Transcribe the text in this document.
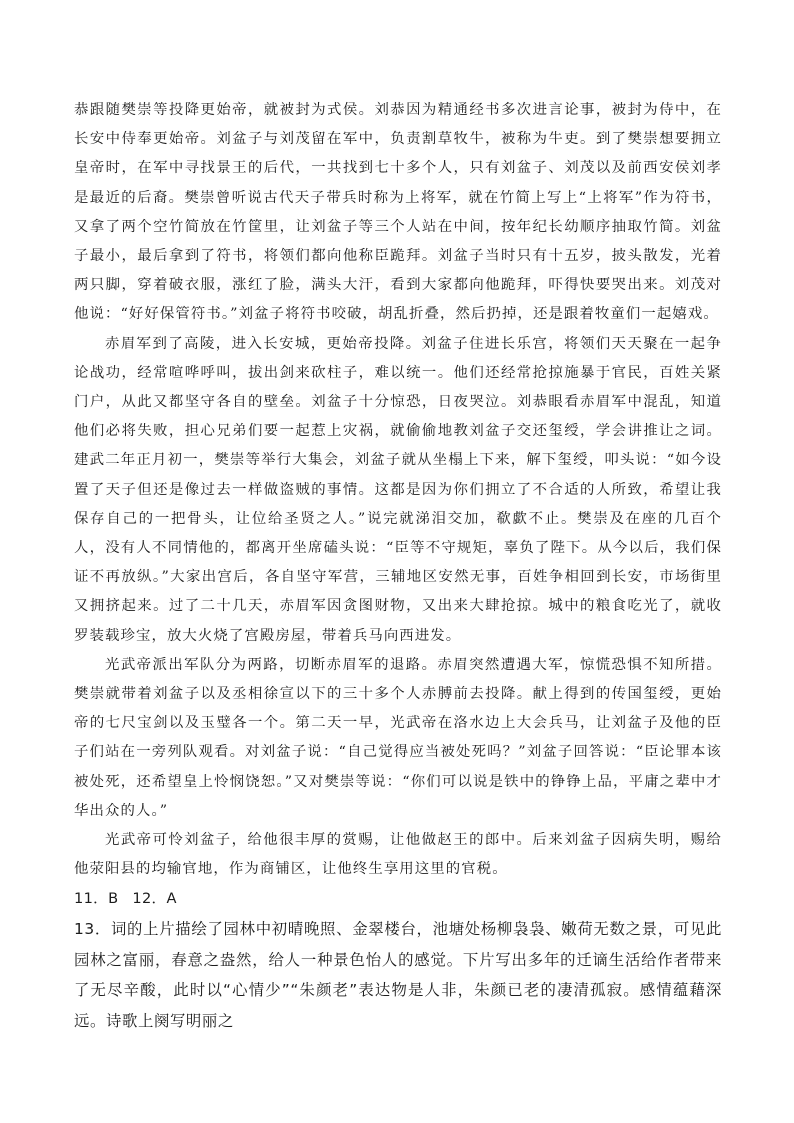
恭跟随樊崇等投降更始帝，就被封为式侯。刘恭因为精通经书多次进言论事，被封为侍中，在长安中侍奉更始帝。刘盆子与刘茂留在军中，负责割草牧牛，被称为牛吏。到了樊崇想要拥立皇帝时，在军中寻找景王的后代，一共找到七十多个人，只有刘盆子、刘茂以及前西安侯刘孝是最近的后裔。樊崇曾听说古代天子带兵时称为上将军，就在竹简上写上“上将军”作为符书，又拿了两个空竹简放在竹筐里，让刘盆子等三个人站在中间，按年纪长幼顺序抽取竹简。刘盆子最小，最后拿到了符书，将领们都向他称臣跪拜。刘盆子当时只有十五岁，披头散发，光着两只脚，穿着破衣服，涨红了脸，满头大汗，看到大家都向他跪拜，吓得快要哭出来。刘茂对他说：“好好保管符书。”刘盆子将符书咬破，胡乱折叠，然后扔掉，还是跟着牧童们一起嬉戏。

赤眉军到了高陵，进入长安城，更始帝投降。刘盆子住进长乐宫，将领们天天聚在一起争论战功，经常喧哗呼叫，拔出剑来砍柱子，难以统一。他们还经常抢掠施暴于官民，百姓关紧门户，从此又都坚守各自的壁垒。刘盆子十分惊恐，日夜哭泣。刘恭眼看赤眉军中混乱，知道他们必将失败，担心兄弟们要一起惹上灾祸，就偷偷地教刘盆子交还玺绶，学会讲推让之词。建武二年正月初一，樊崇等举行大集会，刘盆子就从坐榻上下来，解下玺绶，叩头说：“如今设置了天子但还是像过去一样做盗贼的事情。这都是因为你们拥立了不合适的人所致，希望让我保存自己的一把骨头，让位给圣贤之人。”说完就涕泪交加，欷歔不止。樊崇及在座的几百个人，没有人不同情他的，都离开坐席磕头说：“臣等不守规矩，辜负了陛下。从今以后，我们保证不再放纵。”大家出宫后，各自坚守军营，三辅地区安然无事，百姓争相回到长安，市场街里又拥挤起来。过了二十几天，赤眉军因贪图财物，又出来大肆抢掠。城中的粮食吃光了，就收罗装载珍宝，放大火烧了宫殿房屋，带着兵马向西进发。

光武帝派出军队分为两路，切断赤眉军的退路。赤眉突然遭遇大军，惊慌恐惧不知所措。樊崇就带着刘盆子以及丞相徐宣以下的三十多个人赤膊前去投降。献上得到的传国玺绶，更始帝的七尺宝剑以及玉璧各一个。第二天一早，光武帝在洛水边上大会兵马，让刘盆子及他的臣子们站在一旁列队观看。对刘盆子说：“自己觉得应当被处死吗？”刘盆子回答说：“臣论罪本该被处死，还希望皇上怜悯饶恕。”又对樊崇等说：“你们可以说是铁中的铮铮上品，平庸之辈中才华出众的人。”

光武帝可怜刘盆子，给他很丰厚的赏赐，让他做赵王的郎中。后来刘盆子因病失明，赐给他荥阳县的均输官地，作为商铺区，让他终生享用这里的官税。

11．B 12．A

13．词的上片描绘了园林中初晴晚照、金翠楼台，池塘处杨柳袅袅、嫩荷无数之景，可见此园林之富丽，春意之盎然，给人一种景色怡人的感觉。下片写出多年的迁谪生活给作者带来了无尽辛酸，此时以“心情少”“朱颜老”表达物是人非，朱颜已老的凄清孤寂。感情蕴藉深远。诗歌上阕写明丽之
